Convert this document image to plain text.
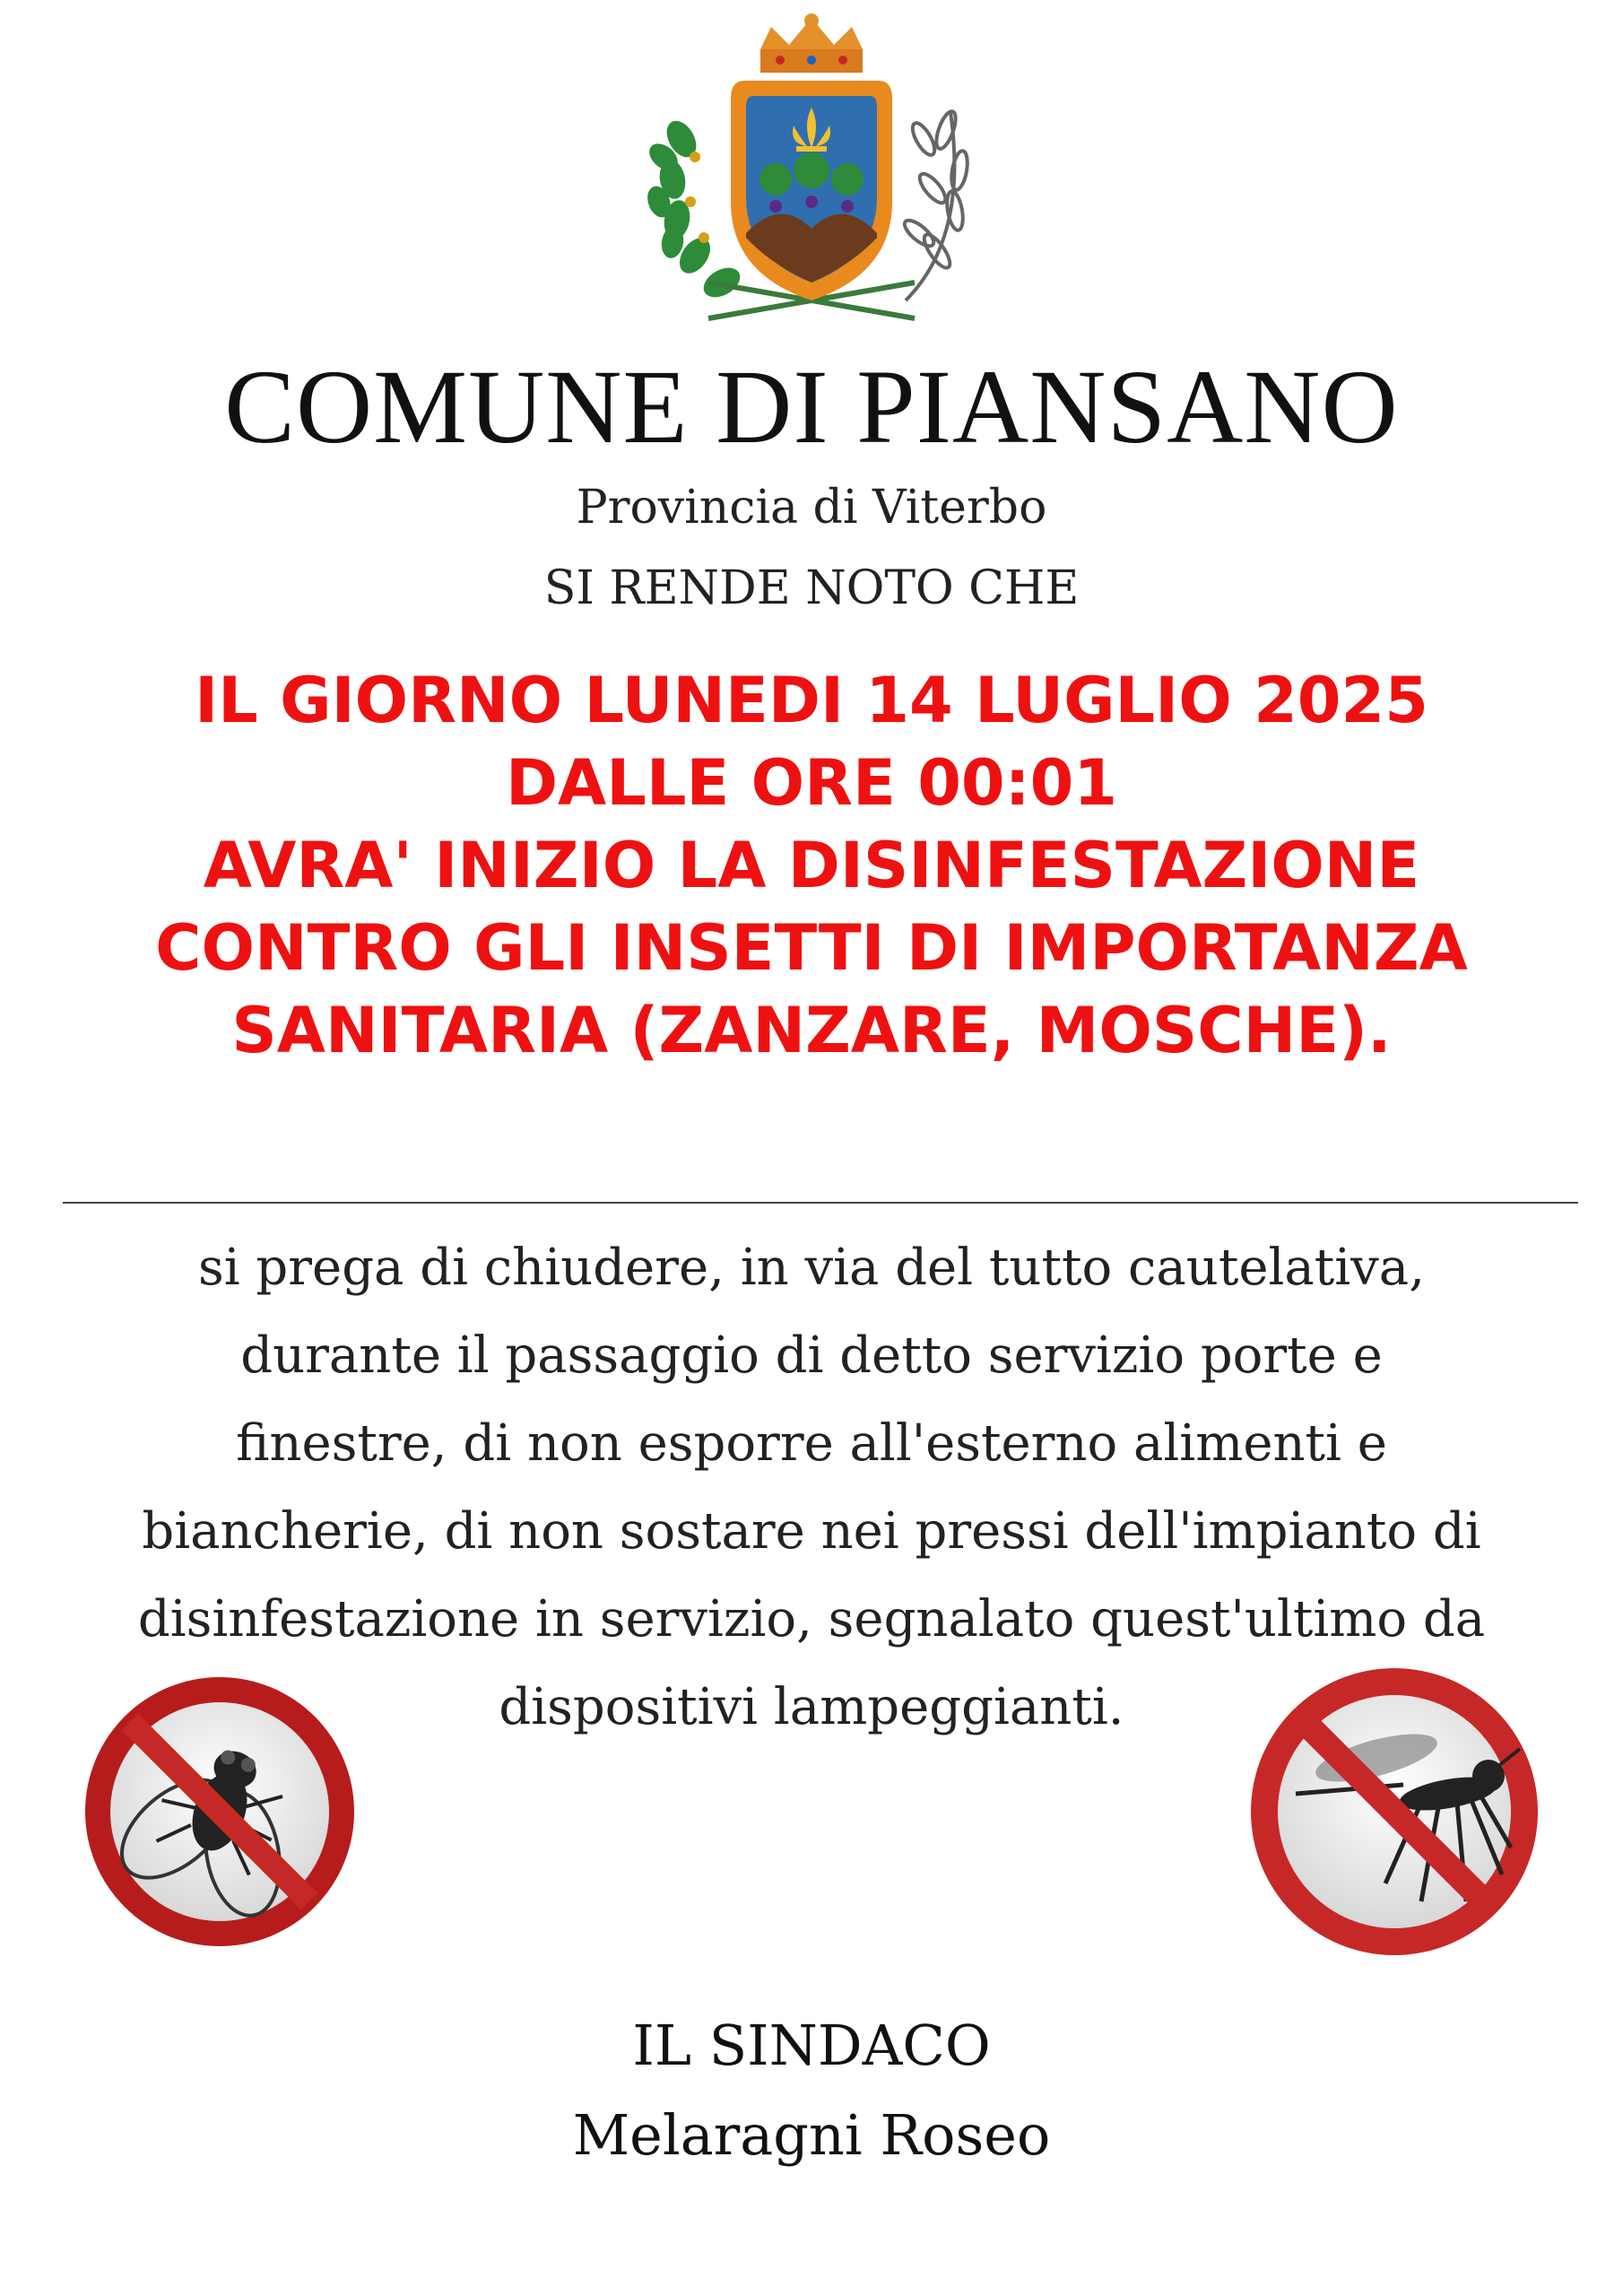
COMUNE DI PIANSANO
Provincia di Viterbo
SI RENDE NOTO CHE
IL GIORNO LUNEDI 14 LUGLIO 2025
DALLE ORE 00:01
AVRA' INIZIO LA DISINFESTAZIONE
CONTRO GLI INSETTI DI IMPORTANZA
SANITARIA (ZANZARE, MOSCHE).
si prega di chiudere, in via del tutto cautelativa,
durante il passaggio di detto servizio porte e
finestre, di non esporre all'esterno alimenti e
biancherie, di non sostare nei pressi dell'impianto di
disinfestazione in servizio, segnalato quest'ultimo da
dispositivi lampeggianti.
IL SINDACO
Melaragni Roseo
